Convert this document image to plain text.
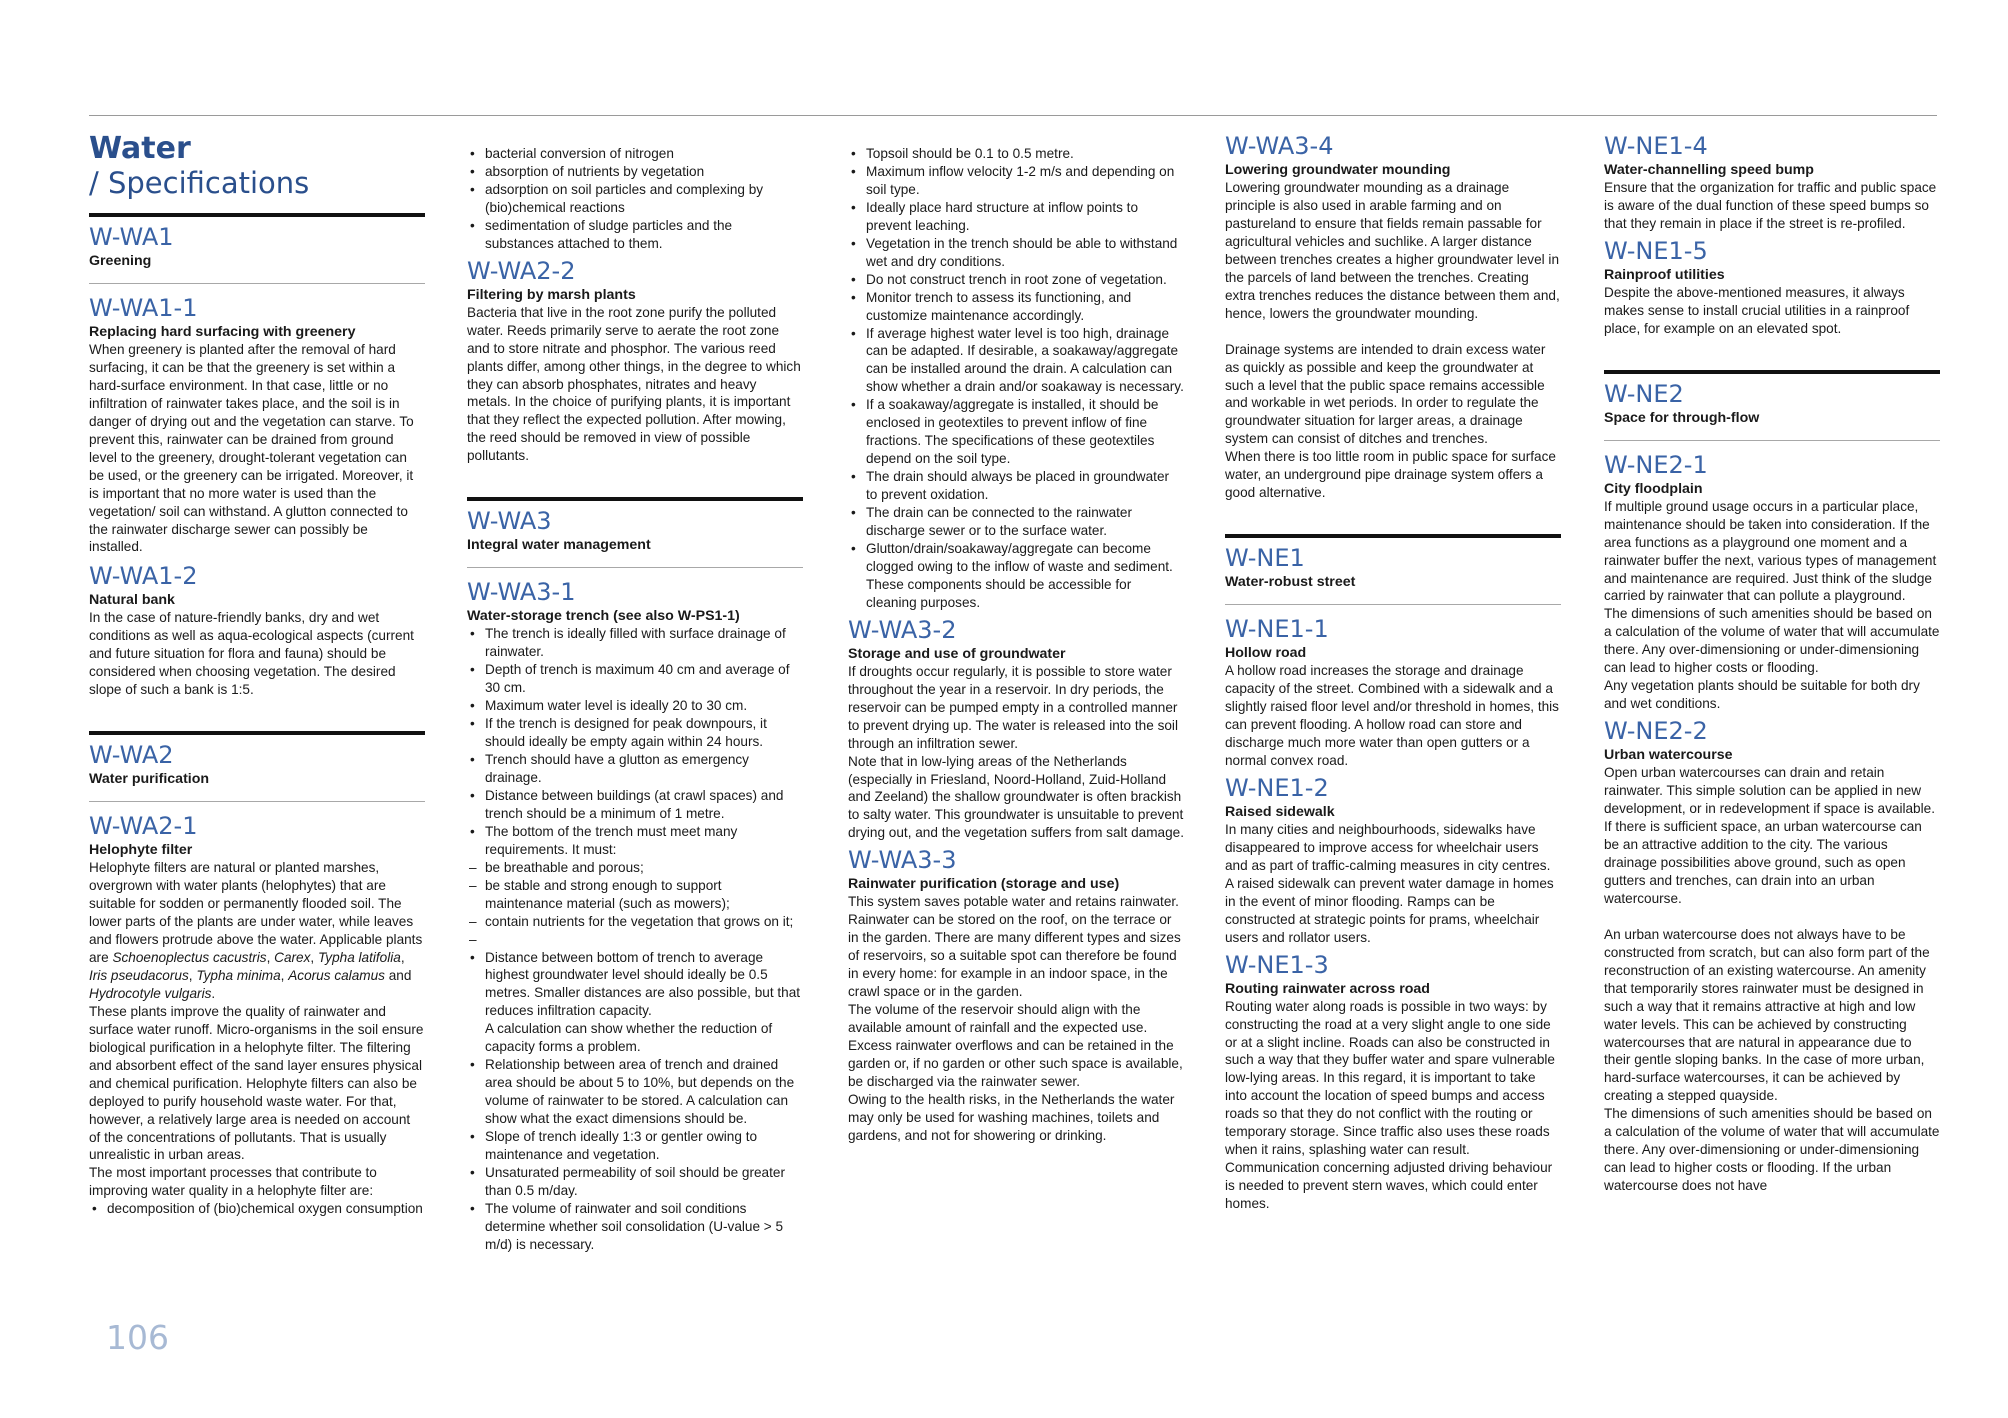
Water
/ Specifications
W-WA1
Greening
W-WA1-1
Replacing hard surfacing with greenery

When greenery is planted after the removal of hard surfacing, it can be that the greenery is set within a hard-surface environment. In that case, little or no infiltration of rainwater takes place, and the soil is in danger of drying out and the vegetation can starve. To prevent this, rainwater can be drained from ground level to the greenery, drought-tolerant vegetation can be used, or the greenery can be irrigated. Moreover, it is important that no more water is used than the vegetation/ soil can withstand. A glutton connected to the rainwater discharge sewer can possibly be installed.

W-WA1-2
Natural bank

In the case of nature-friendly banks, dry and wet conditions as well as aqua-ecological aspects (current and future situation for flora and fauna) should be considered when choosing vegetation. The desired slope of such a bank is 1:5.

W-WA2
Water purification
W-WA2-1
Helophyte filter

Helophyte filters are natural or planted marshes, overgrown with water plants (helophytes) that are suitable for sodden or permanently flooded soil. The lower parts of the plants are under water, while leaves and flowers protrude above the water. Applicable plants are Schoenoplectus cacustris, Carex, Typha latifolia, Iris pseudacorus, Typha minima, Acorus calamus and Hydrocotyle vulgaris.

These plants improve the quality of rainwater and surface water runoff. Micro-organisms in the soil ensure biological purification in a helophyte filter. The filtering and absorbent effect of the sand layer ensures physical and chemical purification. Helophyte filters can also be deployed to purify household waste water. For that, however, a relatively large area is needed on account of the concentrations of pollutants. That is usually unrealistic in urban areas.

The most important processes that contribute to improving water quality in a helophyte filter are:

• decomposition of (bio)chemical oxygen consumption
• bacterial conversion of nitrogen
• absorption of nutrients by vegetation
• adsorption on soil particles and complexing by (bio)chemical reactions
• sedimentation of sludge particles and the substances attached to them.
W-WA2-2
Filtering by marsh plants

Bacteria that live in the root zone purify the polluted water. Reeds primarily serve to aerate the root zone and to store nitrate and phosphor. The various reed plants differ, among other things, in the degree to which they can absorb phosphates, nitrates and heavy metals. In the choice of purifying plants, it is important that they reflect the expected pollution. After mowing, the reed should be removed in view of possible pollutants.

W-WA3
Integral water management
W-WA3-1
Water-storage trench (see also W-PS1-1)
• The trench is ideally filled with surface drainage of rainwater.
• Depth of trench is maximum 40 cm and average of 30 cm.
• Maximum water level is ideally 20 to 30 cm.
• If the trench is designed for peak downpours, it should ideally be empty again within 24 hours.
• Trench should have a glutton as emergency drainage.
• Distance between buildings (at crawl spaces) and trench should be a minimum of 1 metre.
• The bottom of the trench must meet many requirements. It must:
– be breathable and porous;
– be stable and strong enough to support maintenance material (such as mowers);
– contain nutrients for the vegetation that grows on it;
–
• Distance between bottom of trench to average highest groundwater level should ideally be 0.5 metres. Smaller distances are also possible, but that reduces infiltration capacity.
A calculation can show whether the reduction of capacity forms a problem.
• Relationship between area of trench and drained area should be about 5 to 10%, but depends on the volume of rainwater to be stored. A calculation can show what the exact dimensions should be.
• Slope of trench ideally 1:3 or gentler owing to maintenance and vegetation.
• Unsaturated permeability of soil should be greater than 0.5 m/day.
• The volume of rainwater and soil conditions determine whether soil consolidation (U-value > 5 m/d) is necessary.
• Topsoil should be 0.1 to 0.5 metre.
• Maximum inflow velocity 1-2 m/s and depending on soil type.
• Ideally place hard structure at inflow points to prevent leaching.
• Vegetation in the trench should be able to withstand wet and dry conditions.
• Do not construct trench in root zone of vegetation.
• Monitor trench to assess its functioning, and customize maintenance accordingly.
• If average highest water level is too high, drainage can be adapted. If desirable, a soakaway/aggregate can be installed around the drain. A calculation can show whether a drain and/or soakaway is necessary.
• If a soakaway/aggregate is installed, it should be enclosed in geotextiles to prevent inflow of fine fractions. The specifications of these geotextiles depend on the soil type.
• The drain should always be placed in groundwater to prevent oxidation.
• The drain can be connected to the rainwater discharge sewer or to the surface water.
• Glutton/drain/soakaway/aggregate can become clogged owing to the inflow of waste and sediment. These components should be accessible for cleaning purposes.
W-WA3-2
Storage and use of groundwater

If droughts occur regularly, it is possible to store water throughout the year in a reservoir. In dry periods, the reservoir can be pumped empty in a controlled manner to prevent drying up. The water is released into the soil through an infiltration sewer.

Note that in low-lying areas of the Netherlands (especially in Friesland, Noord-Holland, Zuid-Holland and Zeeland) the shallow groundwater is often brackish to salty water. This groundwater is unsuitable to prevent drying out, and the vegetation suffers from salt damage.

W-WA3-3
Rainwater purification (storage and use)

This system saves potable water and retains rainwater. Rainwater can be stored on the roof, on the terrace or in the garden. There are many different types and sizes of reservoirs, so a suitable spot can therefore be found in every home: for example in an indoor space, in the crawl space or in the garden.

The volume of the reservoir should align with the available amount of rainfall and the expected use. Excess rainwater overflows and can be retained in the garden or, if no garden or other such space is available, be discharged via the rainwater sewer.

Owing to the health risks, in the Netherlands the water may only be used for washing machines, toilets and gardens, and not for showering or drinking.

W-WA3-4
Lowering groundwater mounding

Lowering groundwater mounding as a drainage principle is also used in arable farming and on pastureland to ensure that fields remain passable for agricultural vehicles and suchlike. A larger distance between trenches creates a higher groundwater level in the parcels of land between the trenches. Creating extra trenches reduces the distance between them and, hence, lowers the groundwater mounding.

Drainage systems are intended to drain excess water as quickly as possible and keep the groundwater at such a level that the public space remains accessible and workable in wet periods. In order to regulate the groundwater situation for larger areas, a drainage system can consist of ditches and trenches.

When there is too little room in public space for surface water, an underground pipe drainage system offers a good alternative.

W-NE1
Water-robust street
W-NE1-1
Hollow road

A hollow road increases the storage and drainage capacity of the street. Combined with a sidewalk and a slightly raised floor level and/or threshold in homes, this can prevent flooding. A hollow road can store and discharge much more water than open gutters or a normal convex road.

W-NE1-2
Raised sidewalk

In many cities and neighbourhoods, sidewalks have disappeared to improve access for wheelchair users and as part of traffic-calming measures in city centres. A raised sidewalk can prevent water damage in homes in the event of minor flooding. Ramps can be constructed at strategic points for prams, wheelchair users and rollator users.

W-NE1-3
Routing rainwater across road

Routing water along roads is possible in two ways: by constructing the road at a very slight angle to one side or at a slight incline. Roads can also be constructed in such a way that they buffer water and spare vulnerable low-lying areas. In this regard, it is important to take into account the location of speed bumps and access roads so that they do not conflict with the routing or temporary storage. Since traffic also uses these roads when it rains, splashing water can result. Communication concerning adjusted driving behaviour is needed to prevent stern waves, which could enter homes.

W-NE1-4
Water-channelling speed bump

Ensure that the organization for traffic and public space is aware of the dual function of these speed bumps so that they remain in place if the street is re-profiled.

W-NE1-5
Rainproof utilities

Despite the above-mentioned measures, it always makes sense to install crucial utilities in a rainproof place, for example on an elevated spot.

W-NE2
Space for through-flow
W-NE2-1
City floodplain

If multiple ground usage occurs in a particular place, maintenance should be taken into consideration. If the area functions as a playground one moment and a rainwater buffer the next, various types of management and maintenance are required. Just think of the sludge carried by rainwater that can pollute a playground.

The dimensions of such amenities should be based on a calculation of the volume of water that will accumulate there. Any over-dimensioning or under-dimensioning can lead to higher costs or flooding.

Any vegetation plants should be suitable for both dry and wet conditions.

W-NE2-2
Urban watercourse

Open urban watercourses can drain and retain rainwater. This simple solution can be applied in new development, or in redevelopment if space is available. If there is sufficient space, an urban watercourse can be an attractive addition to the city. The various drainage possibilities above ground, such as open gutters and trenches, can drain into an urban watercourse.

An urban watercourse does not always have to be constructed from scratch, but can also form part of the reconstruction of an existing watercourse. An amenity that temporarily stores rainwater must be designed in such a way that it remains attractive at high and low water levels. This can be achieved by constructing watercourses that are natural in appearance due to their gentle sloping banks. In the case of more urban, hard-surface watercourses, it can be achieved by creating a stepped quayside.

The dimensions of such amenities should be based on a calculation of the volume of water that will accumulate there. Any over-dimensioning or under-dimensioning can lead to higher costs or flooding. If the urban watercourse does not have

106
